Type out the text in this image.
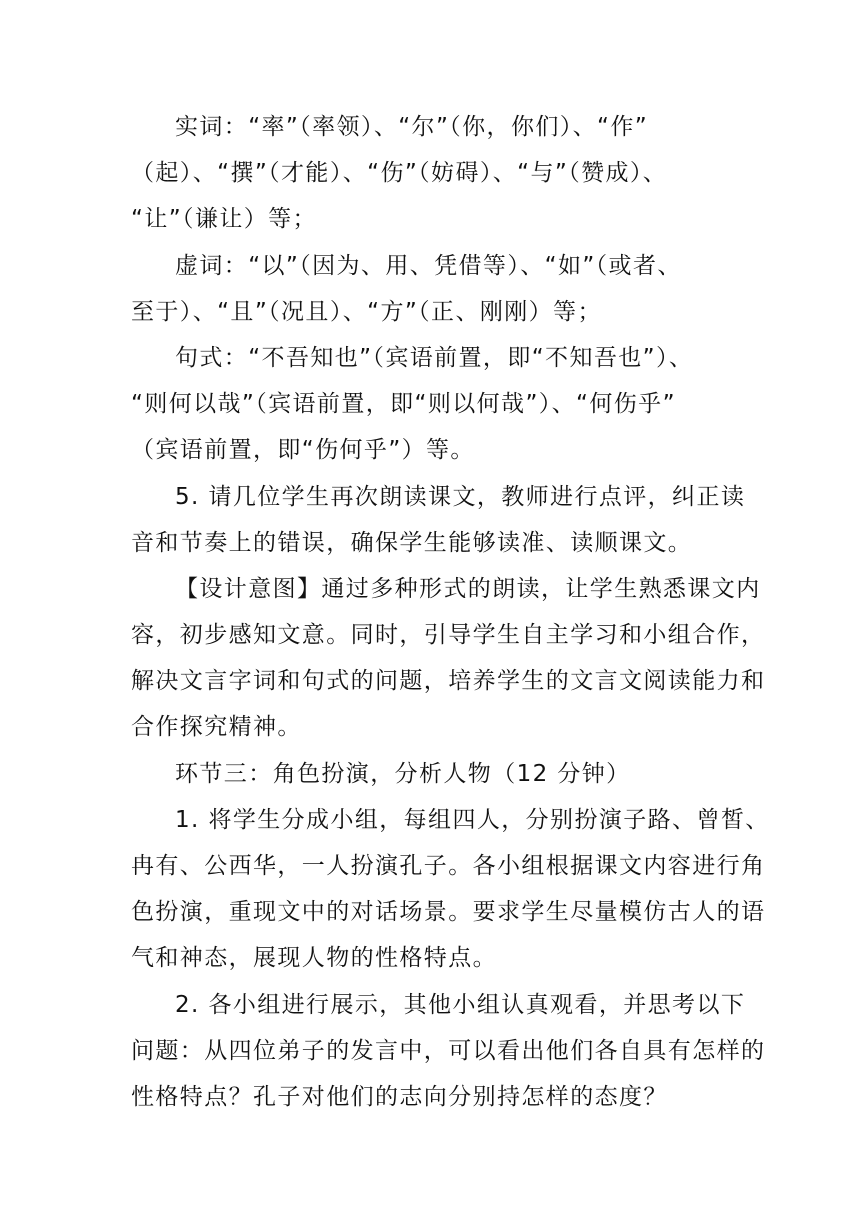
实词：“率”（率领）、“尔”（你，你们）、“作”
（起）、“撰”（才能）、“伤”（妨碍）、“与”（赞成）、
“让”（谦让）等；
虚词：“以”（因为、用、凭借等）、“如”（或者、
至于）、“且”（况且）、“方”（正、刚刚）等；
句式：“不吾知也”（宾语前置，即“不知吾也”）、
“则何以哉”（宾语前置，即“则以何哉”）、“何伤乎”
（宾语前置，即“伤何乎”）等。
5. 请几位学生再次朗读课文，教师进行点评，纠正读
音和节奏上的错误，确保学生能够读准、读顺课文。
【设计意图】通过多种形式的朗读，让学生熟悉课文内
容，初步感知文意。同时，引导学生自主学习和小组合作，
解决文言字词和句式的问题，培养学生的文言文阅读能力和
合作探究精神。
环节三：角色扮演，分析人物（12 分钟）
1. 将学生分成小组，每组四人，分别扮演子路、曾皙、
冉有、公西华，一人扮演孔子。各小组根据课文内容进行角
色扮演，重现文中的对话场景。要求学生尽量模仿古人的语
气和神态，展现人物的性格特点。
2. 各小组进行展示，其他小组认真观看，并思考以下
问题：从四位弟子的发言中，可以看出他们各自具有怎样的
性格特点？孔子对他们的志向分别持怎样的态度？
